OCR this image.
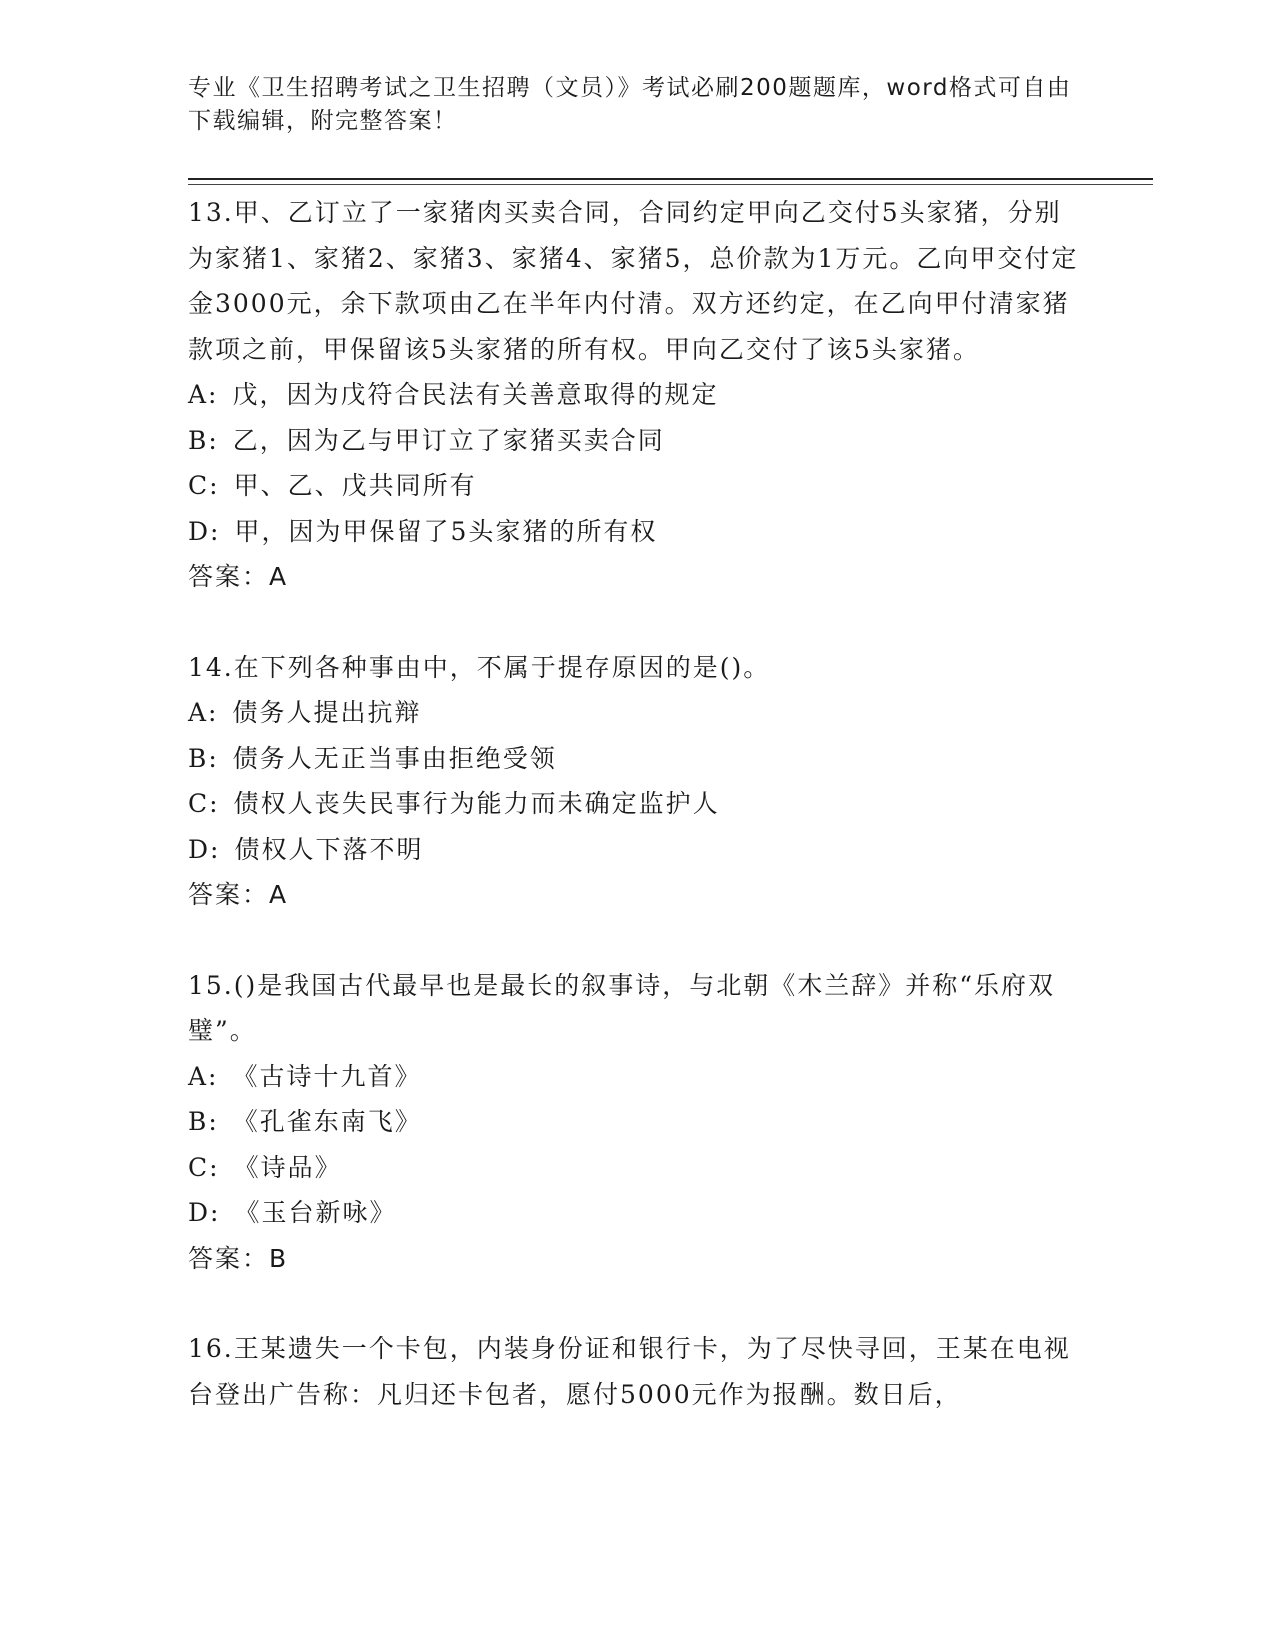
专业《卫生招聘考试之卫生招聘（文员）》考试必刷200题题库，word格式可自由下载编辑，附完整答案！

13.甲、乙订立了一家猪肉买卖合同，合同约定甲向乙交付5头家猪，分别为家猪1、家猪2、家猪3、家猪4、家猪5，总价款为1万元。乙向甲交付定金3000元，余下款项由乙在半年内付清。双方还约定，在乙向甲付清家猪款项之前，甲保留该5头家猪的所有权。甲向乙交付了该5头家猪。

A: 戊，因为戊符合民法有关善意取得的规定

B: 乙，因为乙与甲订立了家猪买卖合同

C: 甲、乙、戊共同所有

D: 甲，因为甲保留了5头家猪的所有权

答案：A

14.在下列各种事由中，不属于提存原因的是()。

A: 债务人提出抗辩

B: 债务人无正当事由拒绝受领

C: 债权人丧失民事行为能力而未确定监护人

D: 债权人下落不明

答案：A

15.()是我国古代最早也是最长的叙事诗，与北朝《木兰辞》并称“乐府双璧”。

A: 《古诗十九首》

B: 《孔雀东南飞》

C: 《诗品》

D: 《玉台新咏》

答案：B

16.王某遗失一个卡包，内装身份证和银行卡，为了尽快寻回，王某在电视台登出广告称：凡归还卡包者，愿付5000元作为报酬。数日后，
